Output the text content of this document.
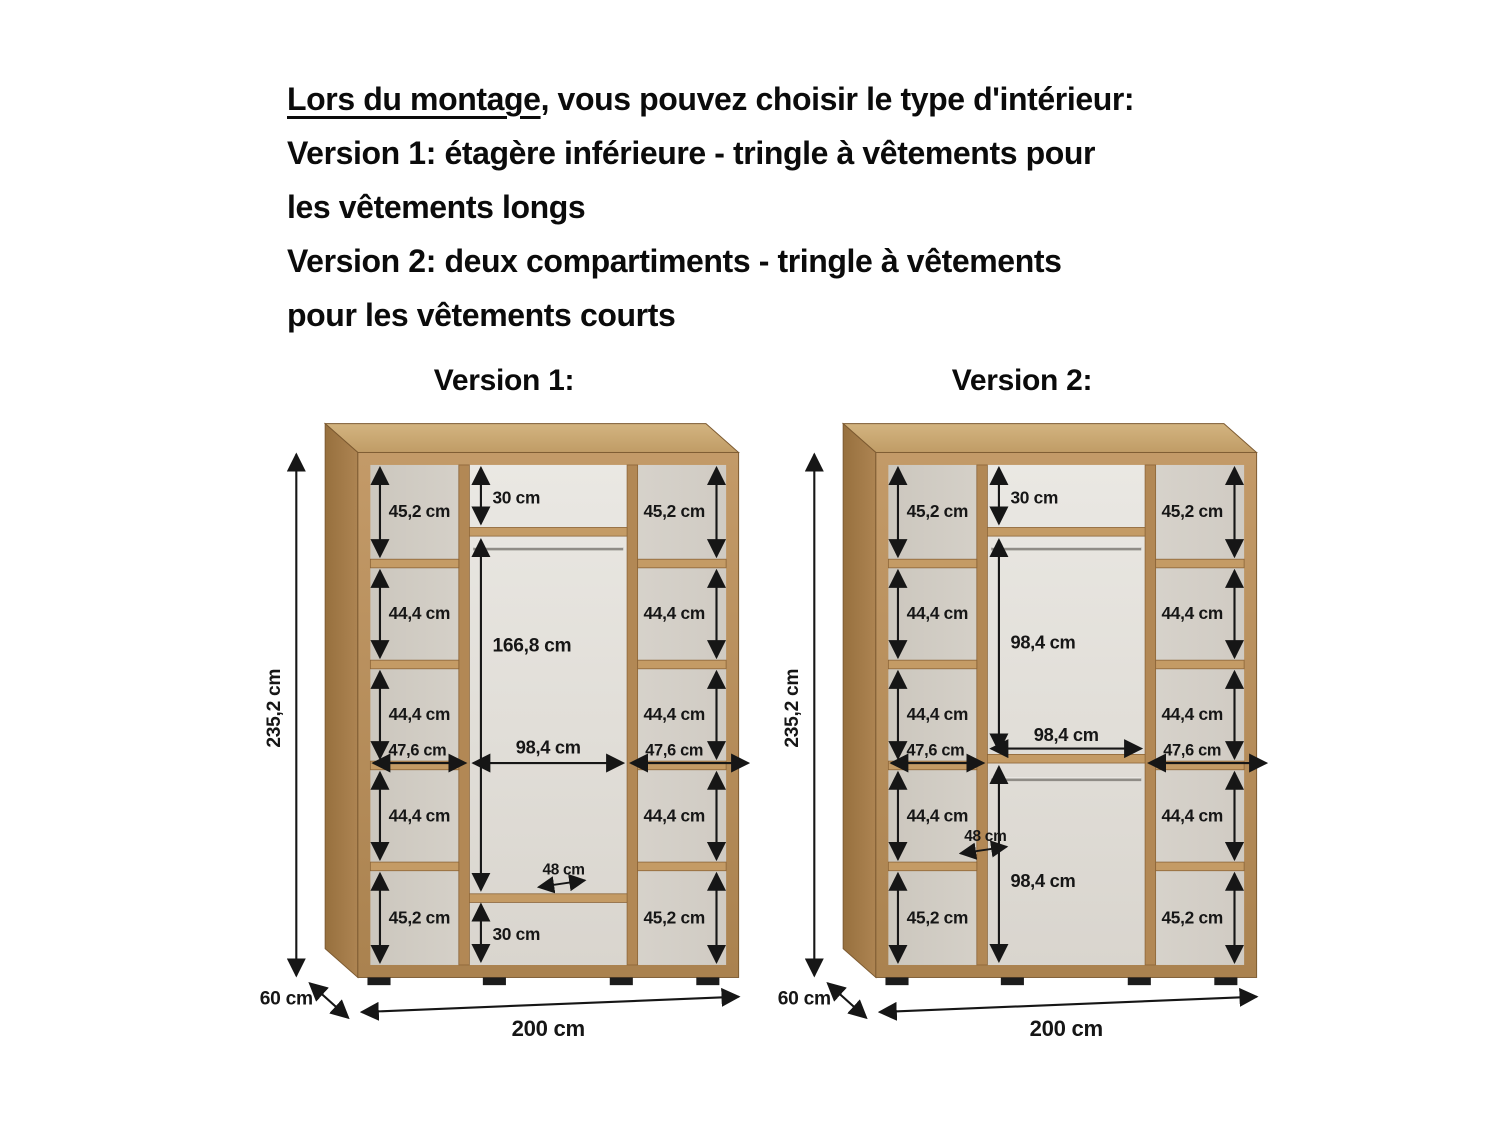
Lors du montage, vous pouvez choisir le type d'intérieur:
Version 1: étagère inférieure - tringle à vêtements pour
les vêtements longs
Version 2: deux compartiments - tringle à vêtements
pour les vêtements courts
Version 1:	Version 2:
235,2 cm
200 cm
60 cm
45,2 cm
44,4 cm
44,4 cm
44,4 cm
45,2 cm
47,6 cm
45,2 cm
44,4 cm
44,4 cm
44,4 cm
45,2 cm
47,6 cm
30 cm
166,8 cm
98,4 cm
48 cm
30 cm
235,2 cm
200 cm
60 cm
45,2 cm
44,4 cm
44,4 cm
44,4 cm
45,2 cm
47,6 cm
45,2 cm
44,4 cm
44,4 cm
44,4 cm
45,2 cm
47,6 cm
30 cm
98,4 cm
98,4 cm
48 cm
98,4 cm
